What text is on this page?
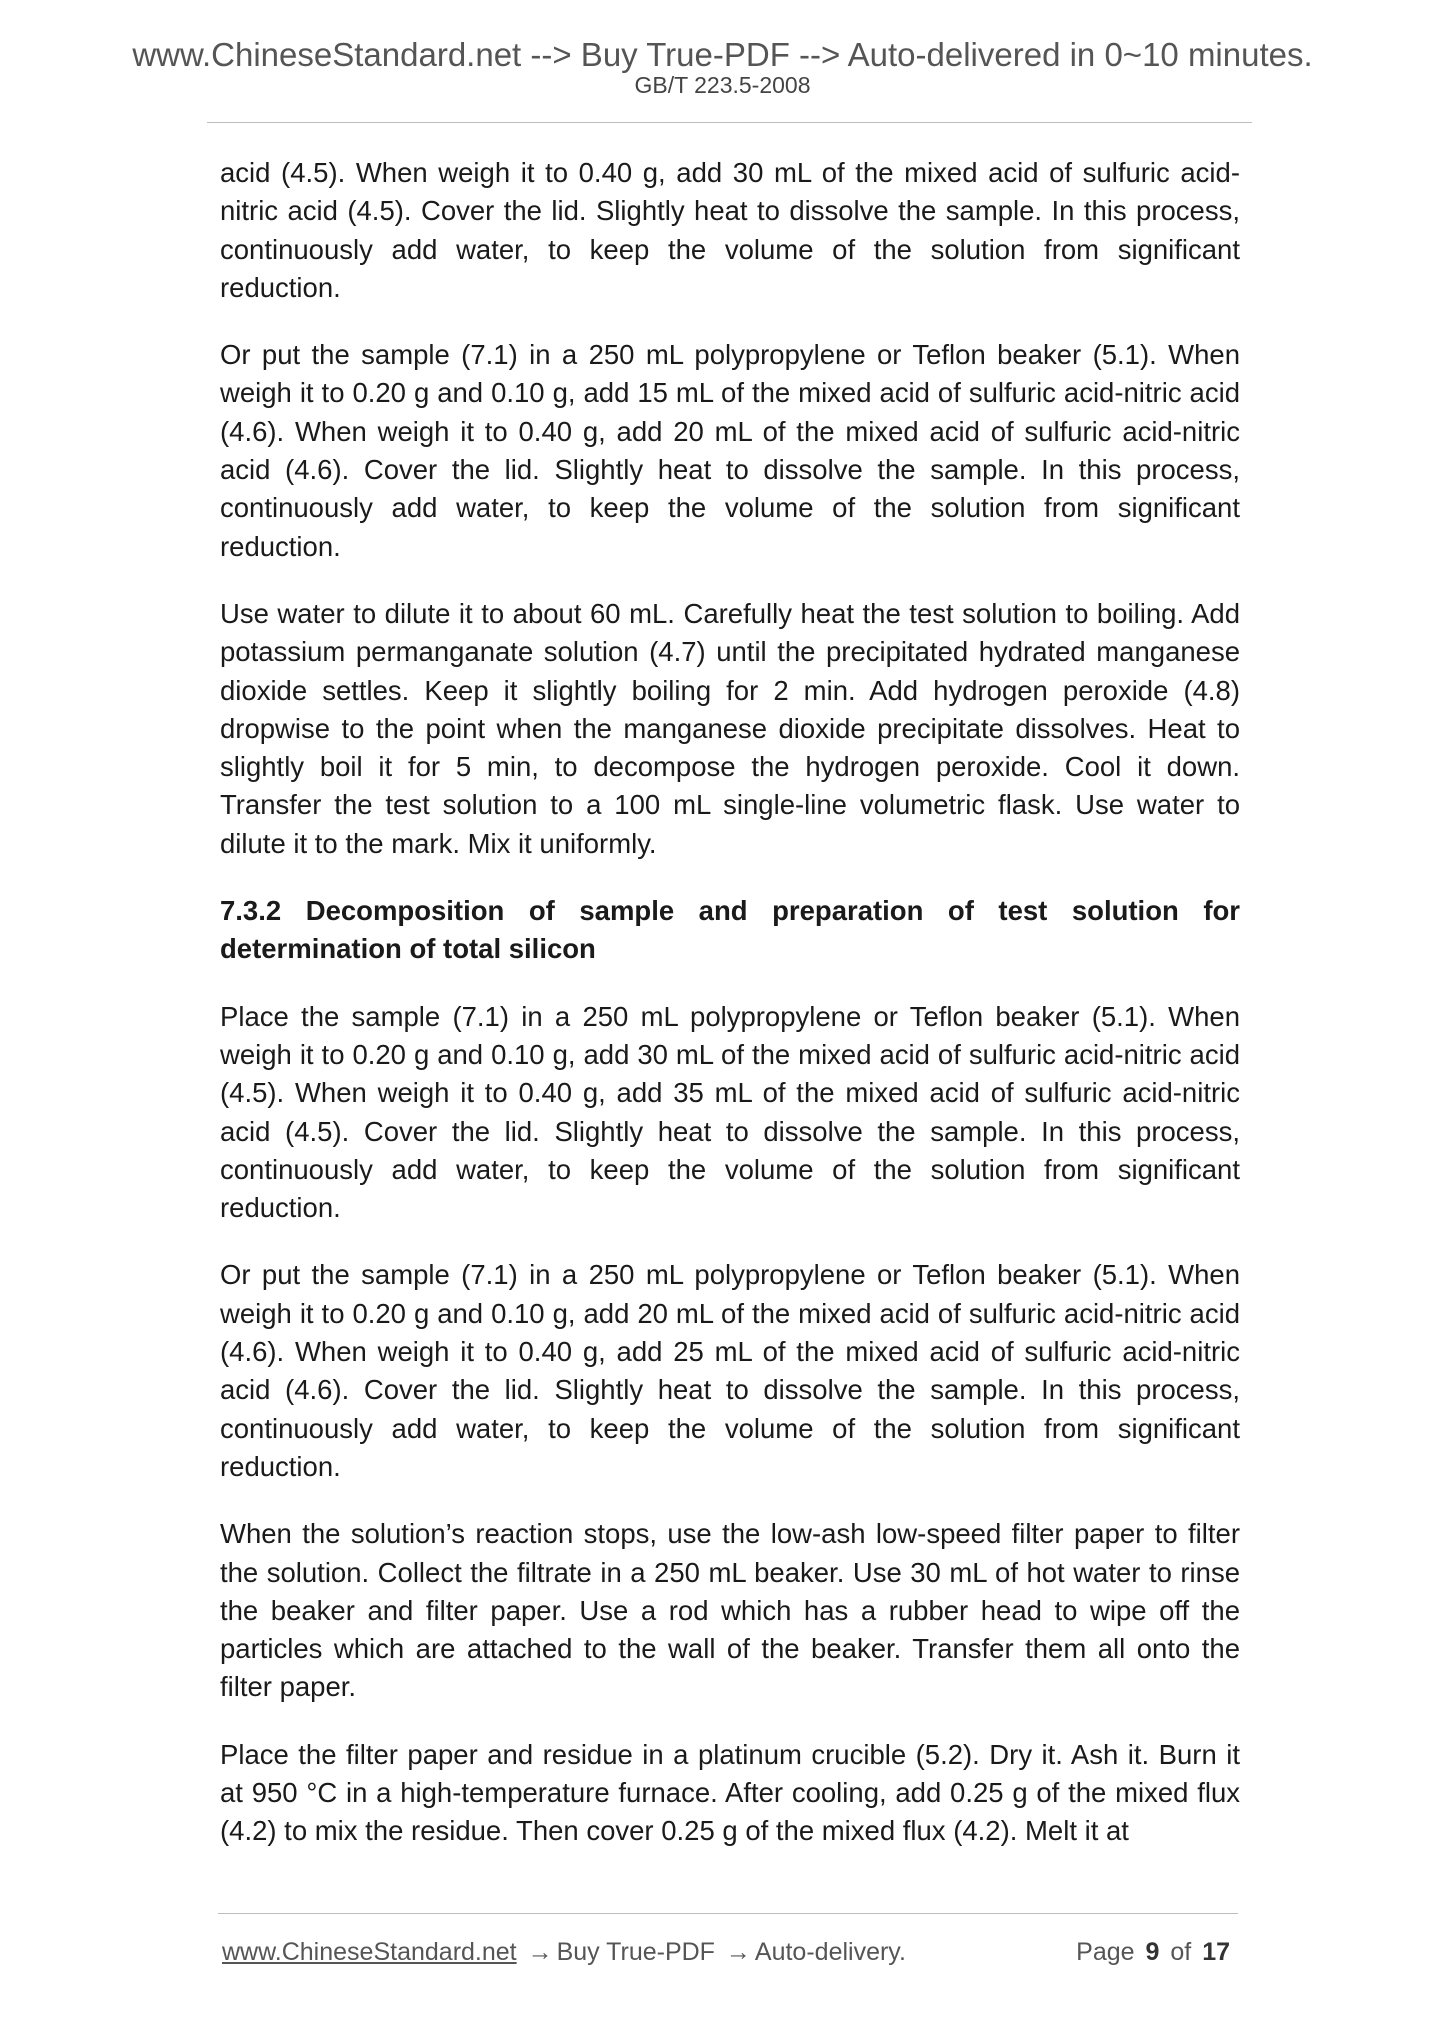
www.ChineseStandard.net --> Buy True-PDF --> Auto-delivered in 0~10 minutes.
GB/T 223.5-2008

acid (4.5). When weigh it to 0.40 g, add 30 mL of the mixed acid of sulfuric acid-nitric acid (4.5). Cover the lid. Slightly heat to dissolve the sample. In this process, continuously add water, to keep the volume of the solution from significant reduction.

Or put the sample (7.1) in a 250 mL polypropylene or Teflon beaker (5.1). When weigh it to 0.20 g and 0.10 g, add 15 mL of the mixed acid of sulfuric acid-nitric acid (4.6). When weigh it to 0.40 g, add 20 mL of the mixed acid of sulfuric acid-nitric acid (4.6). Cover the lid. Slightly heat to dissolve the sample. In this process, continuously add water, to keep the volume of the solution from significant reduction.

Use water to dilute it to about 60 mL. Carefully heat the test solution to boiling. Add potassium permanganate solution (4.7) until the precipitated hydrated manganese dioxide settles. Keep it slightly boiling for 2 min. Add hydrogen peroxide (4.8) dropwise to the point when the manganese dioxide precipitate dissolves. Heat to slightly boil it for 5 min, to decompose the hydrogen peroxide. Cool it down. Transfer the test solution to a 100 mL single-line volumetric flask. Use water to dilute it to the mark. Mix it uniformly.

7.3.2 Decomposition of sample and preparation of test solution for determination of total silicon

Place the sample (7.1) in a 250 mL polypropylene or Teflon beaker (5.1). When weigh it to 0.20 g and 0.10 g, add 30 mL of the mixed acid of sulfuric acid-nitric acid (4.5). When weigh it to 0.40 g, add 35 mL of the mixed acid of sulfuric acid-nitric acid (4.5). Cover the lid. Slightly heat to dissolve the sample. In this process, continuously add water, to keep the volume of the solution from significant reduction.

Or put the sample (7.1) in a 250 mL polypropylene or Teflon beaker (5.1). When weigh it to 0.20 g and 0.10 g, add 20 mL of the mixed acid of sulfuric acid-nitric acid (4.6). When weigh it to 0.40 g, add 25 mL of the mixed acid of sulfuric acid-nitric acid (4.6). Cover the lid. Slightly heat to dissolve the sample. In this process, continuously add water, to keep the volume of the solution from significant reduction.

When the solution’s reaction stops, use the low-ash low-speed filter paper to filter the solution. Collect the filtrate in a 250 mL beaker. Use 30 mL of hot water to rinse the beaker and filter paper. Use a rod which has a rubber head to wipe off the particles which are attached to the wall of the beaker. Transfer them all onto the filter paper.

Place the filter paper and residue in a platinum crucible (5.2). Dry it. Ash it. Burn it at 950 °C in a high-temperature furnace. After cooling, add 0.25 g of the mixed flux (4.2) to mix the residue. Then cover 0.25 g of the mixed flux (4.2). Melt it at

www.ChineseStandard.net → Buy True-PDF → Auto-delivery.	Page 9 of 17
